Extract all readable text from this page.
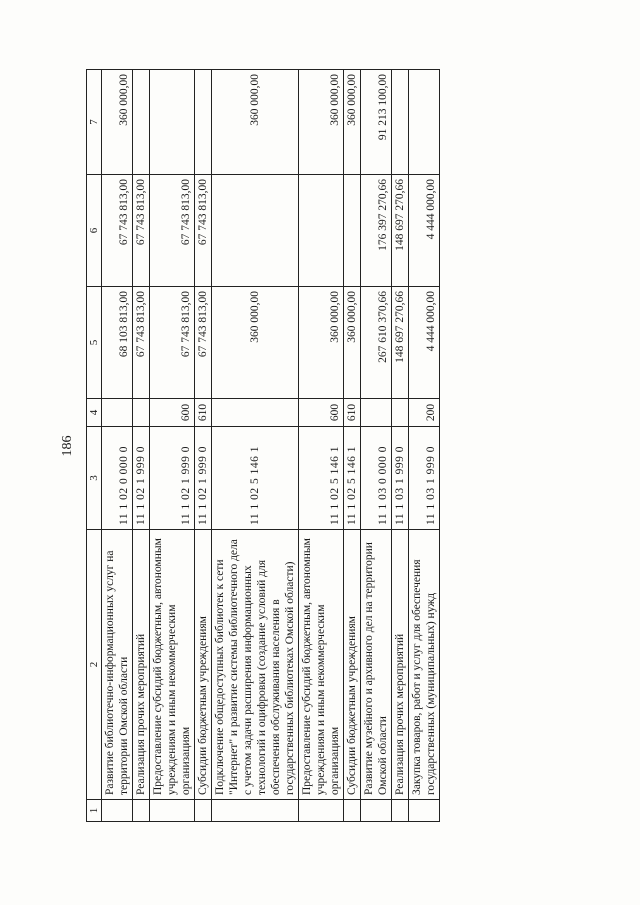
186
1	2	3	4	5	6	7
	Развитие библиотечно-информационных услуг на территории Омской области	11 1 02 0 000 0		68 103 813,00	67 743 813,00	360 000,00
	Реализация прочих мероприятий	11 1 02 1 999 0		67 743 813,00	67 743 813,00	
	Предоставление субсидий бюджетным, автономным учреждениям и иным некоммерческим организациям	11 1 02 1 999 0	600	67 743 813,00	67 743 813,00	
	Субсидии бюджетным учреждениям	11 1 02 1 999 0	610	67 743 813,00	67 743 813,00	
	Подключение общедоступных библиотек к сети "Интернет" и развитие системы библиотечного дела с учетом задачи расширения информационных технологий и оцифровки (создание условий для обеспечения обслуживания населения в государственных библиотеках Омской области)	11 1 02 5 146 1		360 000,00		360 000,00
	Предоставление субсидий бюджетным, автономным учреждениям и иным некоммерческим организациям	11 1 02 5 146 1	600	360 000,00		360 000,00
	Субсидии бюджетным учреждениям	11 1 02 5 146 1	610	360 000,00		360 000,00
	Развитие музейного и архивного дел на территории Омской области	11 1 03 0 000 0		267 610 370,66	176 397 270,66	91 213 100,00
	Реализация прочих мероприятий	11 1 03 1 999 0		148 697 270,66	148 697 270,66	
	Закупка товаров, работ и услуг для обеспечения государственных (муниципальных) нужд	11 1 03 1 999 0	200	4 444 000,00	4 444 000,00	
